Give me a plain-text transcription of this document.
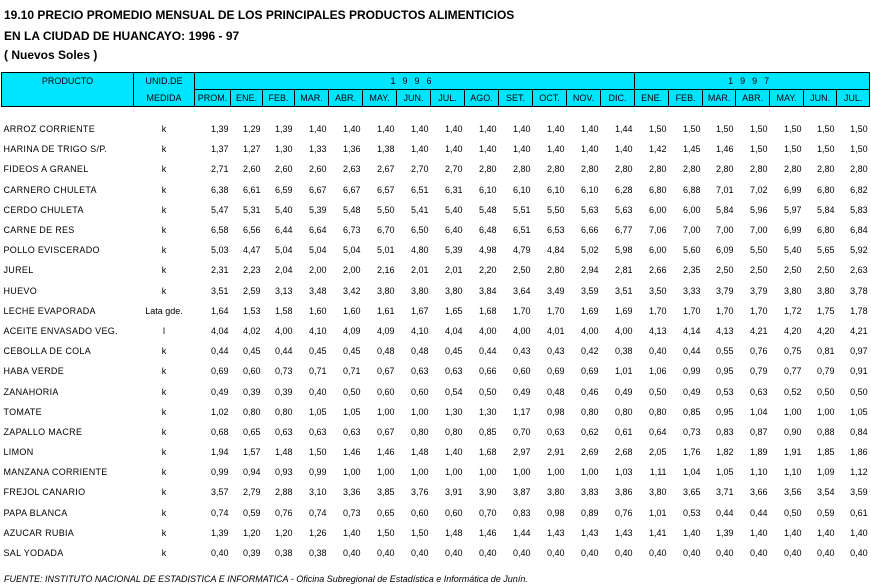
19.10 PRECIO PROMEDIO MENSUAL DE LOS PRINCIPALES PRODUCTOS ALIMENTICIOS
EN LA CIUDAD DE HUANCAYO: 1996 - 97
( Nuevos Soles )
PRODUCTO	UNID.DE	1996													1997						
	MEDIDA	PROM.	ENE.	FEB.	MAR.	ABR.	MAY.	JUN.	JUL.	AGO.	SET.	OCT.	NOV.	DIC.	ENE.	FEB.	MAR.	ABR.	MAY.	JUN.	JUL.

ARROZ CORRIENTE	k	1,39	1,29	1,39	1,40	1,40	1,40	1,40	1,40	1,40	1,40	1,40	1,40	1,44	1,50	1,50	1,50	1,50	1,50	1,50	1,50
HARINA DE TRIGO S/P.	k	1,37	1,27	1,30	1,33	1,36	1,38	1,40	1,40	1,40	1,40	1,40	1,40	1,40	1,42	1,45	1,46	1,50	1,50	1,50	1,50
FIDEOS A GRANEL	k	2,71	2,60	2,60	2,60	2,63	2,67	2,70	2,70	2,80	2,80	2,80	2,80	2,80	2,80	2,80	2,80	2,80	2,80	2,80	2,80
CARNERO CHULETA	k	6,38	6,61	6,59	6,67	6,67	6,57	6,51	6,31	6,10	6,10	6,10	6,10	6,28	6,80	6,88	7,01	7,02	6,99	6,80	6,82
CERDO CHULETA	k	5,47	5,31	5,40	5,39	5,48	5,50	5,41	5,40	5,48	5,51	5,50	5,63	5,63	6,00	6,00	5,84	5,96	5,97	5,84	5,83
CARNE DE RES	k	6,58	6,56	6,44	6,64	6,73	6,70	6,50	6,40	6,48	6,51	6,53	6,66	6,77	7,06	7,00	7,00	7,00	6,99	6,80	6,84
POLLO EVISCERADO	k	5,03	4,47	5,04	5,04	5,04	5,01	4,80	5,39	4,98	4,79	4,84	5,02	5,98	6,00	5,60	6,09	5,50	5,40	5,65	5,92
JUREL	k	2,31	2,23	2,04	2,00	2,00	2,16	2,01	2,01	2,20	2,50	2,80	2,94	2,81	2,66	2,35	2,50	2,50	2,50	2,50	2,63
HUEVO	k	3,51	2,59	3,13	3,48	3,42	3,80	3,80	3,80	3,84	3,64	3,49	3,59	3,51	3,50	3,33	3,79	3,79	3,80	3,80	3,78
LECHE EVAPORADA	Lata gde.	1,64	1,53	1,58	1,60	1,60	1,61	1,67	1,65	1,68	1,70	1,70	1,69	1,69	1,70	1,70	1,70	1,70	1,72	1,75	1,78
ACEITE ENVASADO VEG.	l	4,04	4,02	4,00	4,10	4,09	4,09	4,10	4,04	4,00	4,00	4,01	4,00	4,00	4,13	4,14	4,13	4,21	4,20	4,20	4,21
CEBOLLA DE COLA	k	0,44	0,45	0,44	0,45	0,45	0,48	0,48	0,45	0,44	0,43	0,43	0,42	0,38	0,40	0,44	0,55	0,76	0,75	0,81	0,97
HABA VERDE	k	0,69	0,60	0,73	0,71	0,71	0,67	0,63	0,63	0,66	0,60	0,69	0,69	1,01	1,06	0,99	0,95	0,79	0,77	0,79	0,91
ZANAHORIA	k	0,49	0,39	0,39	0,40	0,50	0,60	0,60	0,54	0,50	0,49	0,48	0,46	0,49	0,50	0,49	0,53	0,63	0,52	0,50	0,50
TOMATE	k	1,02	0,80	0,80	1,05	1,05	1,00	1,00	1,30	1,30	1,17	0,98	0,80	0,80	0,80	0,85	0,95	1,04	1,00	1,00	1,05
ZAPALLO MACRE	k	0,68	0,65	0,63	0,63	0,63	0,67	0,80	0,80	0,85	0,70	0,63	0,62	0,61	0,64	0,73	0,83	0,87	0,90	0,88	0,84
LIMON	k	1,94	1,57	1,48	1,50	1,46	1,46	1,48	1,40	1,68	2,97	2,91	2,69	2,68	2,05	1,76	1,82	1,89	1,91	1,85	1,86
MANZANA CORRIENTE	k	0,99	0,94	0,93	0,99	1,00	1,00	1,00	1,00	1,00	1,00	1,00	1,00	1,03	1,11	1,04	1,05	1,10	1,10	1,09	1,12
FREJOL CANARIO	k	3,57	2,79	2,88	3,10	3,36	3,85	3,76	3,91	3,90	3,87	3,80	3,83	3,86	3,80	3,65	3,71	3,66	3,56	3,54	3,59
PAPA BLANCA	k	0,74	0,59	0,76	0,74	0,73	0,65	0,60	0,60	0,70	0,83	0,98	0,89	0,76	1,01	0,53	0,44	0,44	0,50	0,59	0,61
AZUCAR RUBIA	k	1,39	1,20	1,20	1,26	1,40	1,50	1,50	1,48	1,46	1,44	1,43	1,43	1,43	1,41	1,40	1,39	1,40	1,40	1,40	1,40
SAL YODADA	k	0,40	0,39	0,38	0,38	0,40	0,40	0,40	0,40	0,40	0,40	0,40	0,40	0,40	0,40	0,40	0,40	0,40	0,40	0,40	0,40
FUENTE: INSTITUTO NACIONAL DE ESTADISTICA E INFORMATICA - Oficina Subregional de Estadística e Informática de Junín.
